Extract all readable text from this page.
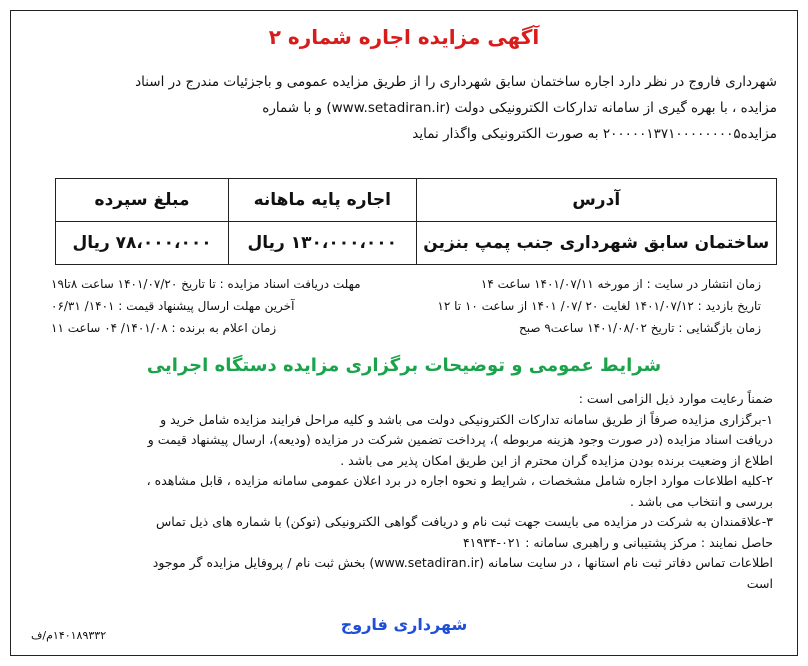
آگهی مزایده اجاره شماره ۲

شهرداری فاروج در نظر دارد اجاره ساختمان سابق شهرداری را از طریق مزایده عمومی و باجزئیات مندرج در اسناد

مزایده ، با بهره گیری از سامانه تدارکات الکترونیکی دولت (www.setadiran.ir) و با شماره

مزایده۲۰۰۰۰۰۱۳۷۱۰۰۰۰۰۰۰۰۵ به صورت الکترونیکی واگذار نماید

آدرس	اجاره پایه ماهانه	مبلغ سپرده
ساختمان سابق شهرداری جنب پمپ بنزین	۱۳۰،۰۰۰،۰۰۰ ریال	۷۸،۰۰۰،۰۰۰ ریال
زمان انتشار در سایت : از مورخه ۱۴۰۱/۰۷/۱۱ ساعت ۱۴
مهلت دریافت اسناد مزایده : تا تاریخ ۱۴۰۱/۰۷/۲۰ ساعت ۸تا۱۹
تاریخ بازدید : ۱۴۰۱/۰۷/۱۲ لغایت ۲۰ /۰۷/ ۱۴۰۱ از ساعت ۱۰ تا ۱۲
آخرین مهلت ارسال پیشنهاد قیمت : ۱۴۰۱/ ۰۶/۳۱
زمان بازگشایی : تاریخ ۱۴۰۱/۰۸/۰۲ ساعت۹ صبح
زمان اعلام به برنده : ۱۴۰۱/۰۸/ ۰۴ ساعت ۱۱
شرایط عمومی و توضیحات برگزاری مزایده دستگاه اجرایی

ضمناً رعایت موارد ذیل الزامی است :

۱-برگزاری مزایده صرفاً از طریق سامانه تدارکات الکترونیکی دولت می باشد و کلیه مراحل فرایند مزایده شامل خرید و

دریافت اسناد مزایده (در صورت وجود هزینه مربوطه )، پرداخت تضمین شرکت در مزایده (ودیعه)، ارسال پیشنهاد قیمت و

اطلاع از وضعیت برنده بودن مزایده گران محترم از این طریق امکان پذیر می باشد .

۲-کلیه اطلاعات موارد اجاره شامل مشخصات ، شرایط و نحوه اجاره در برد اعلان عمومی سامانه مزایده ، قابل مشاهده ،

بررسی و انتخاب می باشد .

۳-علاقمندان به شرکت در مزایده می بایست جهت ثبت نام و دریافت گواهی الکترونیکی (توکن) با شماره های ذیل تماس

حاصل نمایند : مرکز پشتیبانی و راهبری سامانه : ۰۲۱-۴۱۹۳۴

اطلاعات تماس دفاتر ثبت نام استانها ، در سایت سامانه (www.setadiran.ir) بخش ثبت نام / پروفایل مزایده گر موجود

است

شهرداری فاروج
۱۴۰۱۸۹۳۳۲م/ف
